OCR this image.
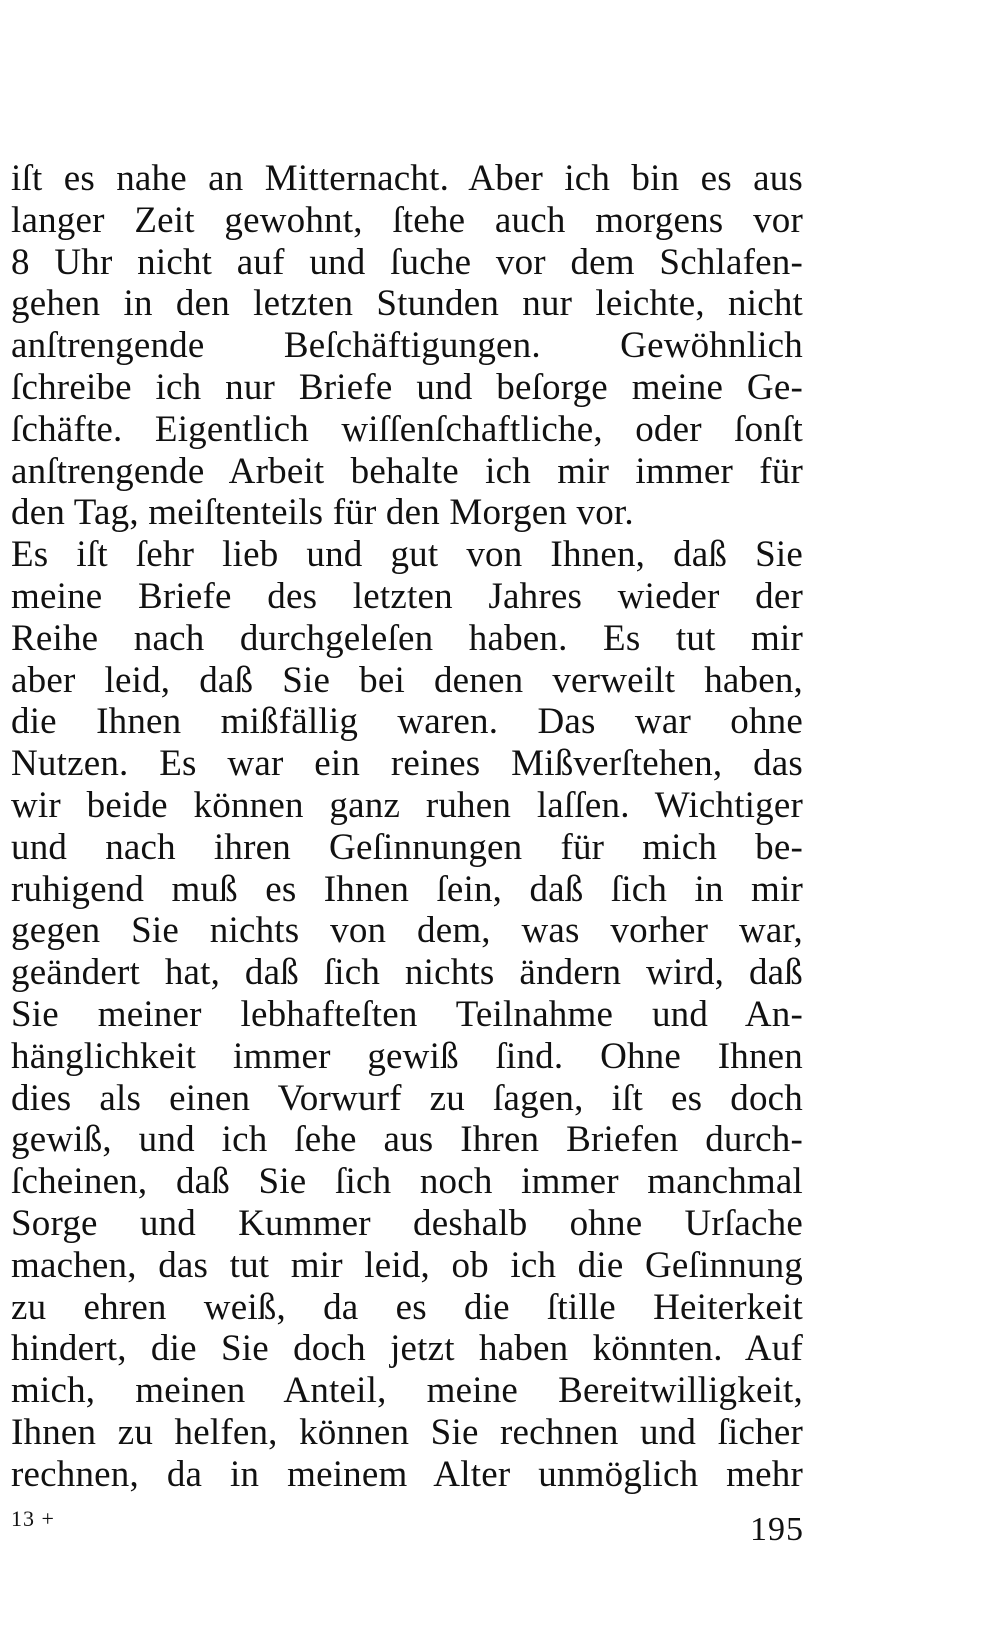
iſt es nahe an Mitternacht. Aber ich bin es aus
langer Zeit gewohnt, ſtehe auch morgens vor
8 Uhr nicht auf und ſuche vor dem Schlafen-
gehen in den letzten Stunden nur leichte, nicht
anſtrengende Beſchäftigungen. Gewöhnlich
ſchreibe ich nur Briefe und beſorge meine Ge-
ſchäfte. Eigentlich wiſſenſchaftliche, oder ſonſt
anſtrengende Arbeit behalte ich mir immer für
den Tag, meiſtenteils für den Morgen vor.
Es iſt ſehr lieb und gut von Ihnen, daß Sie
meine Briefe des letzten Jahres wieder der
Reihe nach durchgeleſen haben. Es tut mir
aber leid, daß Sie bei denen verweilt haben,
die Ihnen mißfällig waren. Das war ohne
Nutzen. Es war ein reines Mißverſtehen, das
wir beide können ganz ruhen laſſen. Wichtiger
und nach ihren Geſinnungen für mich be-
ruhigend muß es Ihnen ſein, daß ſich in mir
gegen Sie nichts von dem, was vorher war,
geändert hat, daß ſich nichts ändern wird, daß
Sie meiner lebhafteſten Teilnahme und An-
hänglichkeit immer gewiß ſind. Ohne Ihnen
dies als einen Vorwurf zu ſagen, iſt es doch
gewiß, und ich ſehe aus Ihren Briefen durch-
ſcheinen, daß Sie ſich noch immer manchmal
Sorge und Kummer deshalb ohne Urſache
machen, das tut mir leid, ob ich die Geſinnung
zu ehren weiß, da es die ſtille Heiterkeit
hindert, die Sie doch jetzt haben könnten. Auf
mich, meinen Anteil, meine Bereitwilligkeit,
Ihnen zu helfen, können Sie rechnen und ſicher
rechnen, da in meinem Alter unmöglich mehr
13 +	195
